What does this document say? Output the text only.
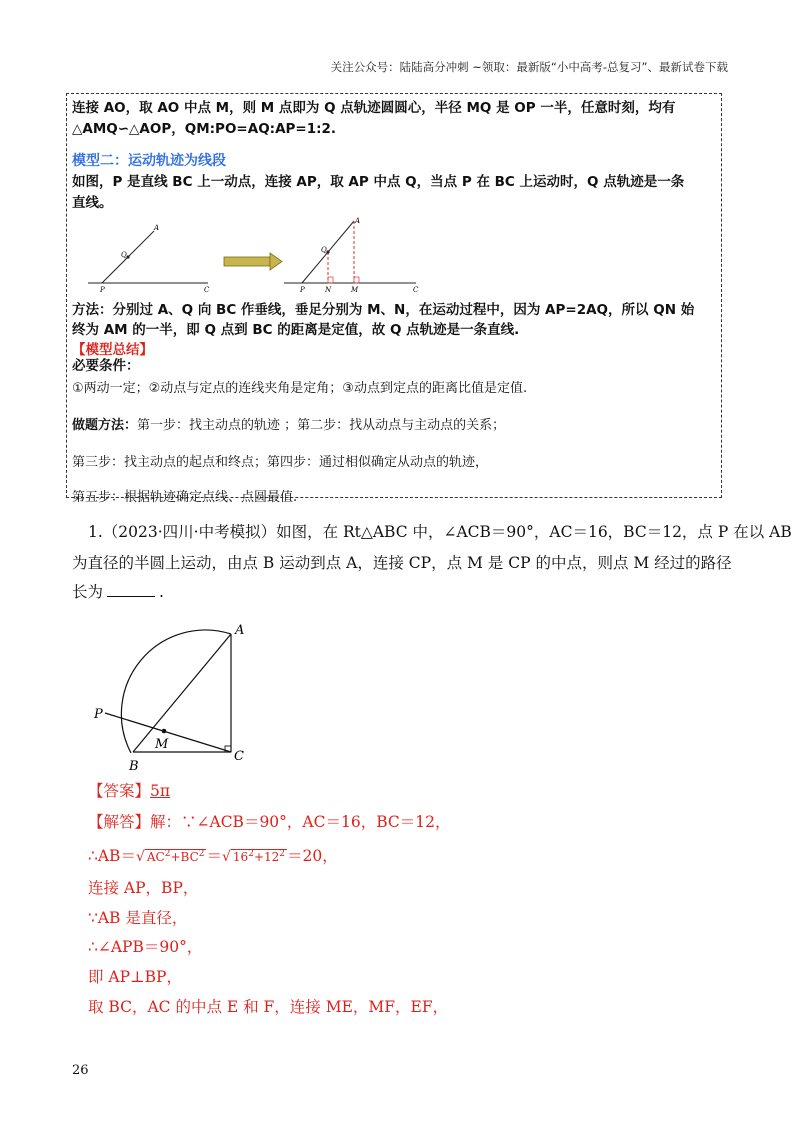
关注公众号：陆陆高分冲刺 ~领取：最新版“小中高考-总复习”、最新试卷下载
连接 AO，取 AO 中点 M，则 M 点即为 Q 点轨迹圆圆心，半径 MQ 是 OP 一半，任意时刻，均有
△AMQ∽△AOP，QM:PO=AQ:AP=1:2.
模型二：运动轨迹为线段
如图，P 是直线 BC 上一动点，连接 AP，取 AP 中点 Q，当点 P 在 BC 上运动时，Q 点轨迹是一条
直线。
A
Q
P	C
A
Q
P	N	M	C
方法：分别过 A、Q 向 BC 作垂线，垂足分别为 M、N，在运动过程中，因为 AP=2AQ，所以 QN 始
终为 AM 的一半，即 Q 点到 BC 的距离是定值，故 Q 点轨迹是一条直线.
【模型总结】
必要条件：
①两动一定；②动点与定点的连线夹角是定角；③动点到定点的距离比值是定值.
做题方法：第一步：找主动点的轨迹 ；第二步：找从动点与主动点的关系；
第三步：找主动点的起点和终点；第四步：通过相似确定从动点的轨迹，
第五步：根据轨迹确定点线、点圆最值.
1.（2023·四川·中考模拟）如图，在 Rt△ABC 中，∠ACB＝90°，AC＝16，BC＝12，点 P 在以 AB
为直径的半圆上运动，由点 B 运动到点 A，连接 CP，点 M 是 CP 的中点，则点 M 经过的路径
长为	.
A
P
M
B
C
【答案】5π
【解答】解：∵∠ACB＝90°，AC＝16，BC＝12，
∴AB＝√ $AC^2+BC^2$ ＝√ $16^2+12^2 =20$，
连接 AP，BP，
∵AB 是直径，
∴∠APB＝90°，
即 AP⊥BP，
取 BC，AC 的中点 E 和 F，连接 ME，MF，EF，
26
